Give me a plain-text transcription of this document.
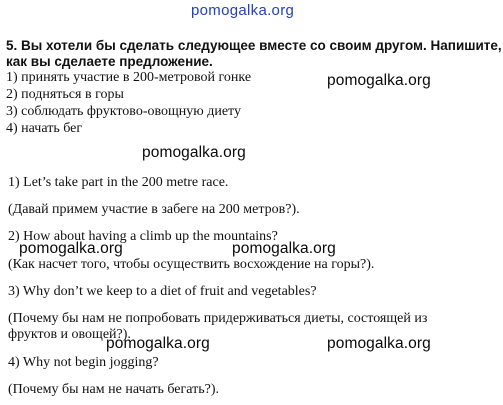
pomogalka.org
5. Вы хотели бы сделать следующее вместе со своим другом. Напишите,
как вы сделаете предложение.
1) принять участие в 200-метровой гонке
2) подняться в горы
3) соблюдать фруктово-овощную диету
4) начать бег
pomogalka.org
pomogalka.org
1) Let’s take part in the 200 metre race.
(Давай примем участие в забеге на 200 метров?).
2) How about having a climb up the mountains?
pomogalka.org	pomogalka.org
(Как насчет того, чтобы осуществить восхождение на горы?).
3) Why don’t we keep to a diet of fruit and vegetables?
(Почему бы нам не попробовать придерживаться диеты, состоящей из
фруктов и овощей?).
pomogalka.org	pomogalka.org
4) Why not begin jogging?
(Почему бы нам не начать бегать?).
